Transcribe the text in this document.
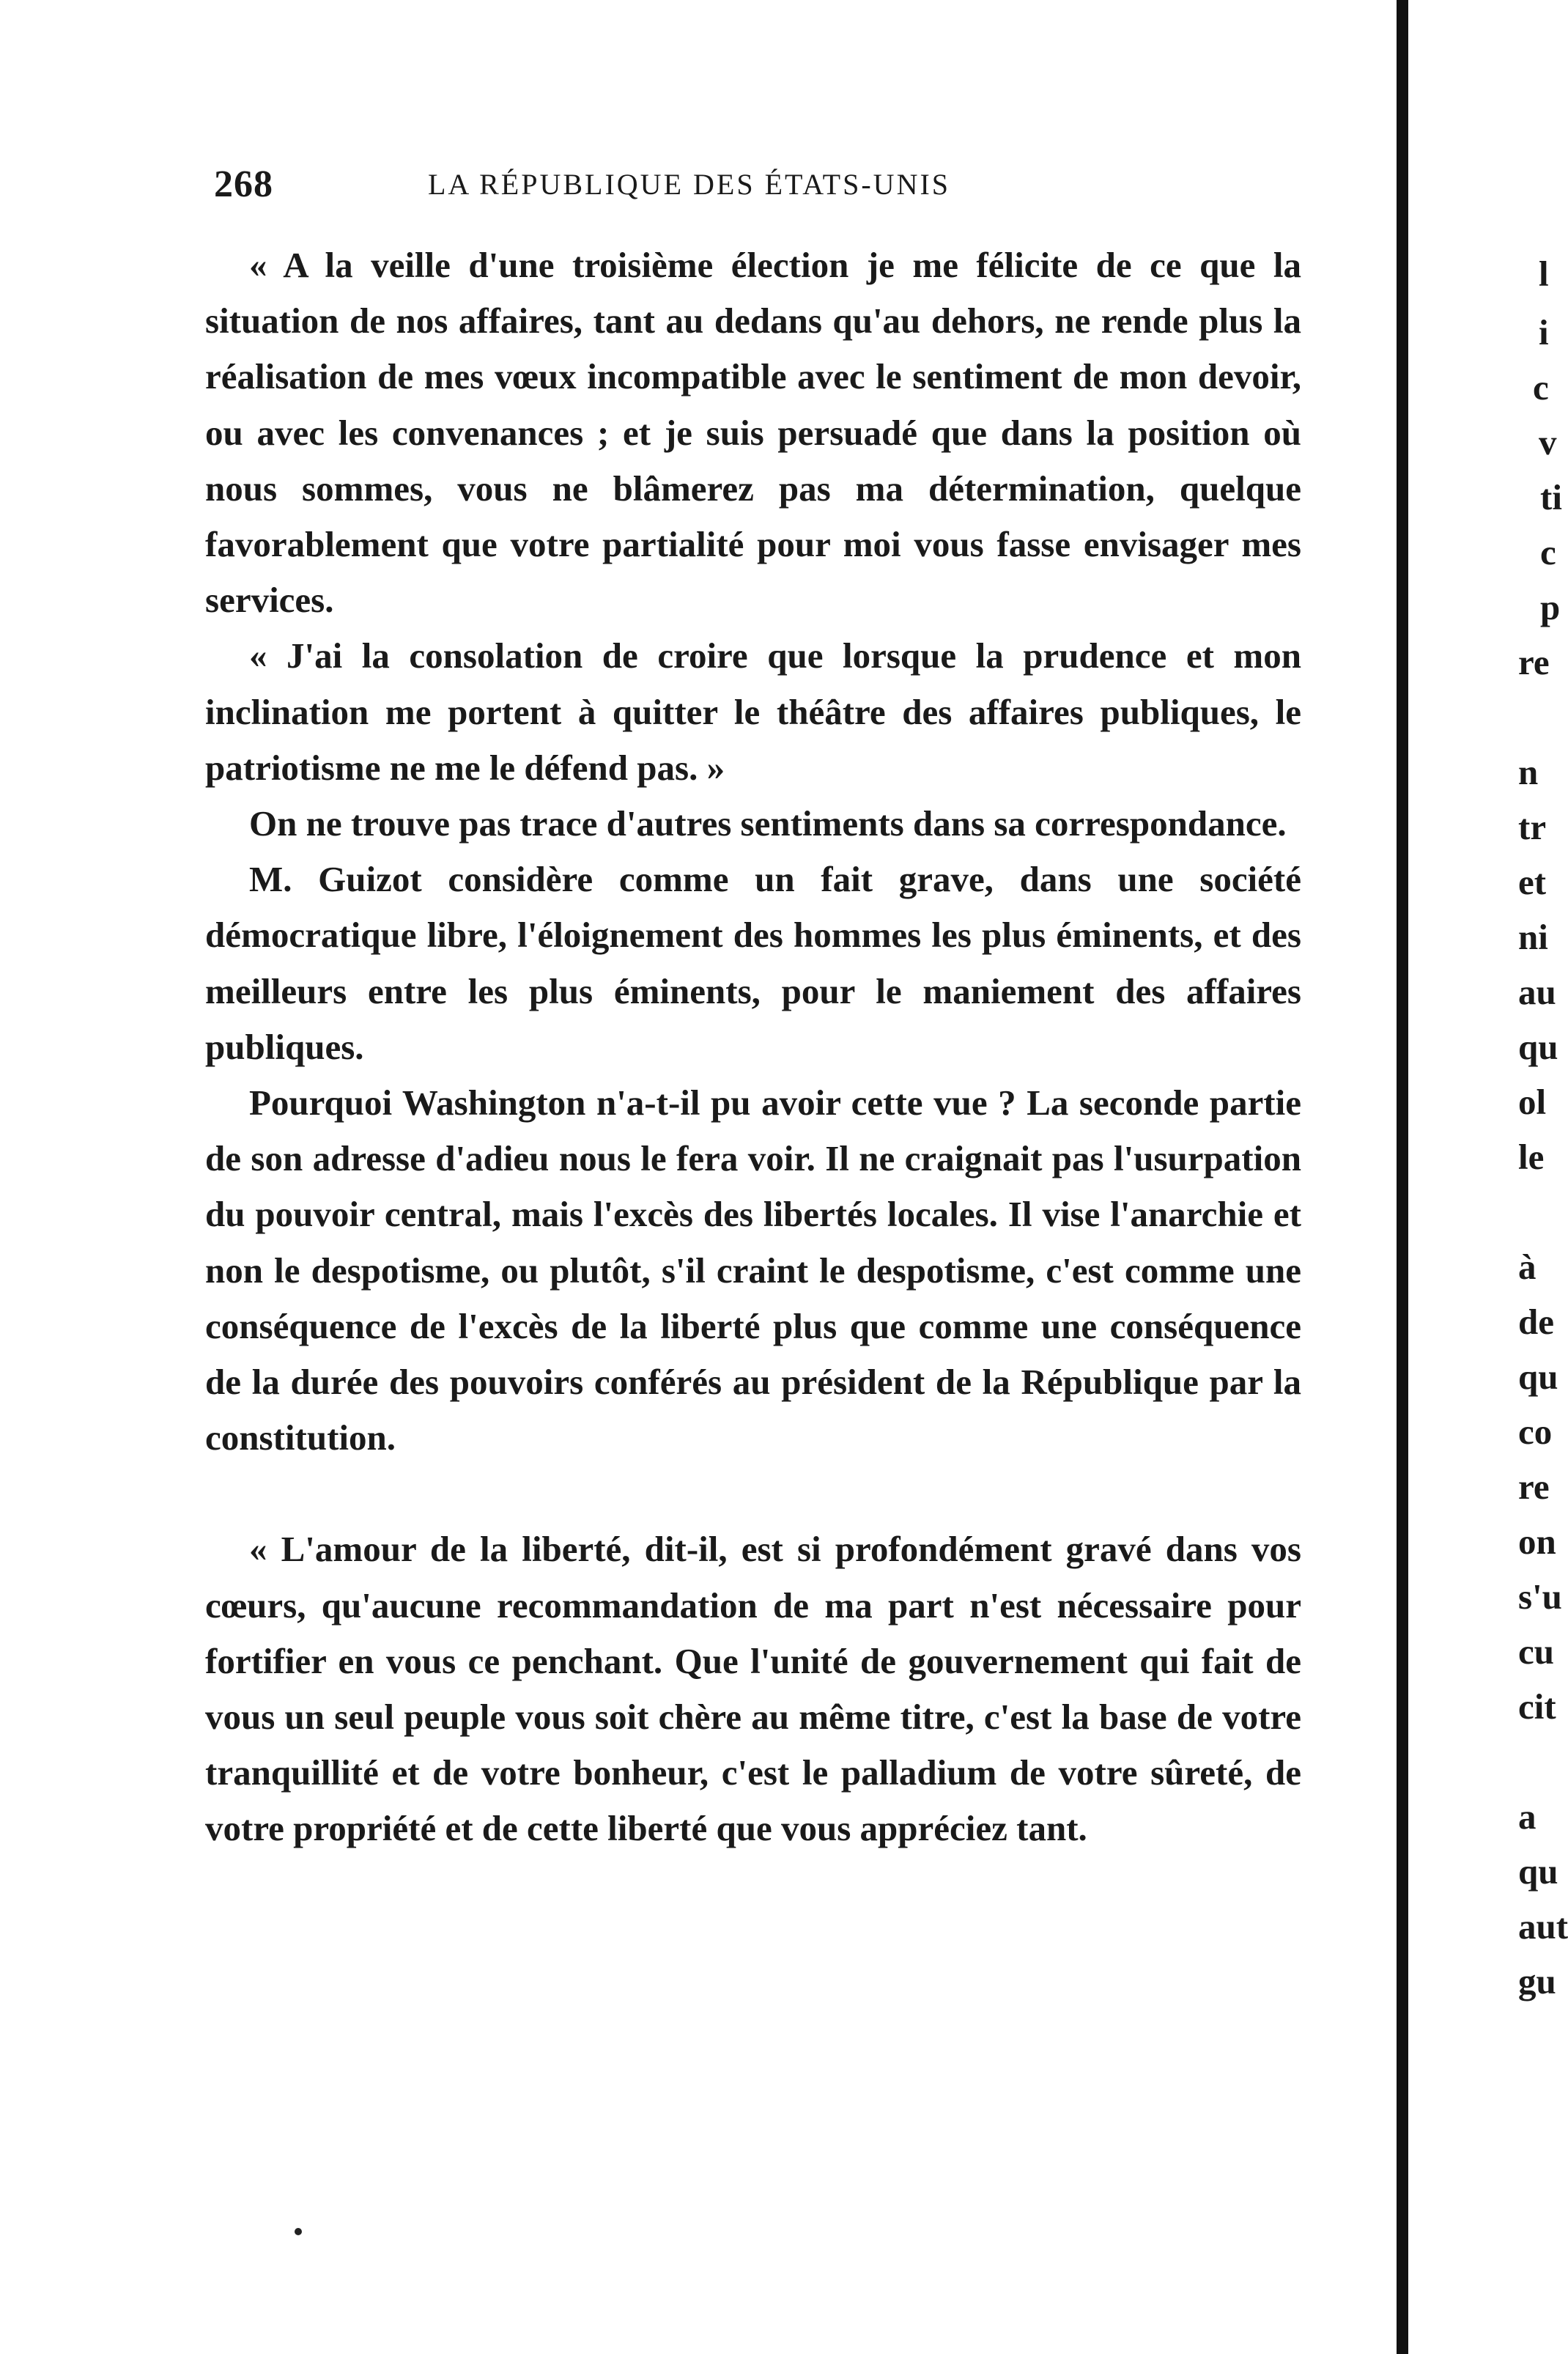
268	LA RÉPUBLIQUE DES ÉTATS-UNIS

« A la veille d'une troisième élection je me félicite de ce que la situation de nos affaires, tant au dedans qu'au dehors, ne rende plus la réalisation de mes vœux incompatible avec le sentiment de mon devoir, ou avec les convenances ; et je suis persuadé que dans la position où nous sommes, vous ne blâmerez pas ma détermination, quelque favorablement que votre partialité pour moi vous fasse envisager mes services.

« J'ai la consolation de croire que lorsque la prudence et mon inclination me portent à quitter le théâtre des affaires publiques, le patriotisme ne me le défend pas. »

On ne trouve pas trace d'autres sentiments dans sa correspondance.

M. Guizot considère comme un fait grave, dans une société démocratique libre, l'éloignement des hommes les plus éminents, et des meilleurs entre les plus éminents, pour le maniement des affaires publiques.

Pourquoi Washington n'a-t-il pu avoir cette vue ? La seconde partie de son adresse d'adieu nous le fera voir. Il ne craignait pas l'usurpation du pouvoir central, mais l'excès des libertés locales. Il vise l'anarchie et non le despotisme, ou plutôt, s'il craint le despotisme, c'est comme une conséquence de l'excès de la liberté plus que comme une conséquence de la durée des pouvoirs conférés au président de la République par la constitution.

« L'amour de la liberté, dit-il, est si profondément gravé dans vos cœurs, qu'aucune recommandation de ma part n'est nécessaire pour fortifier en vous ce penchant. Que l'unité de gouvernement qui fait de vous un seul peuple vous soit chère au même titre, c'est la base de votre tranquillité et de votre bonheur, c'est le palladium de votre sûreté, de votre propriété et de cette liberté que vous appréciez tant.

l
i
c
v
ti
c
p
re
n
tr
et
ni
au
qu
ol
le
à
de
qu
co
re
on
s'u
cu
cit
a
qu
aut
gu
